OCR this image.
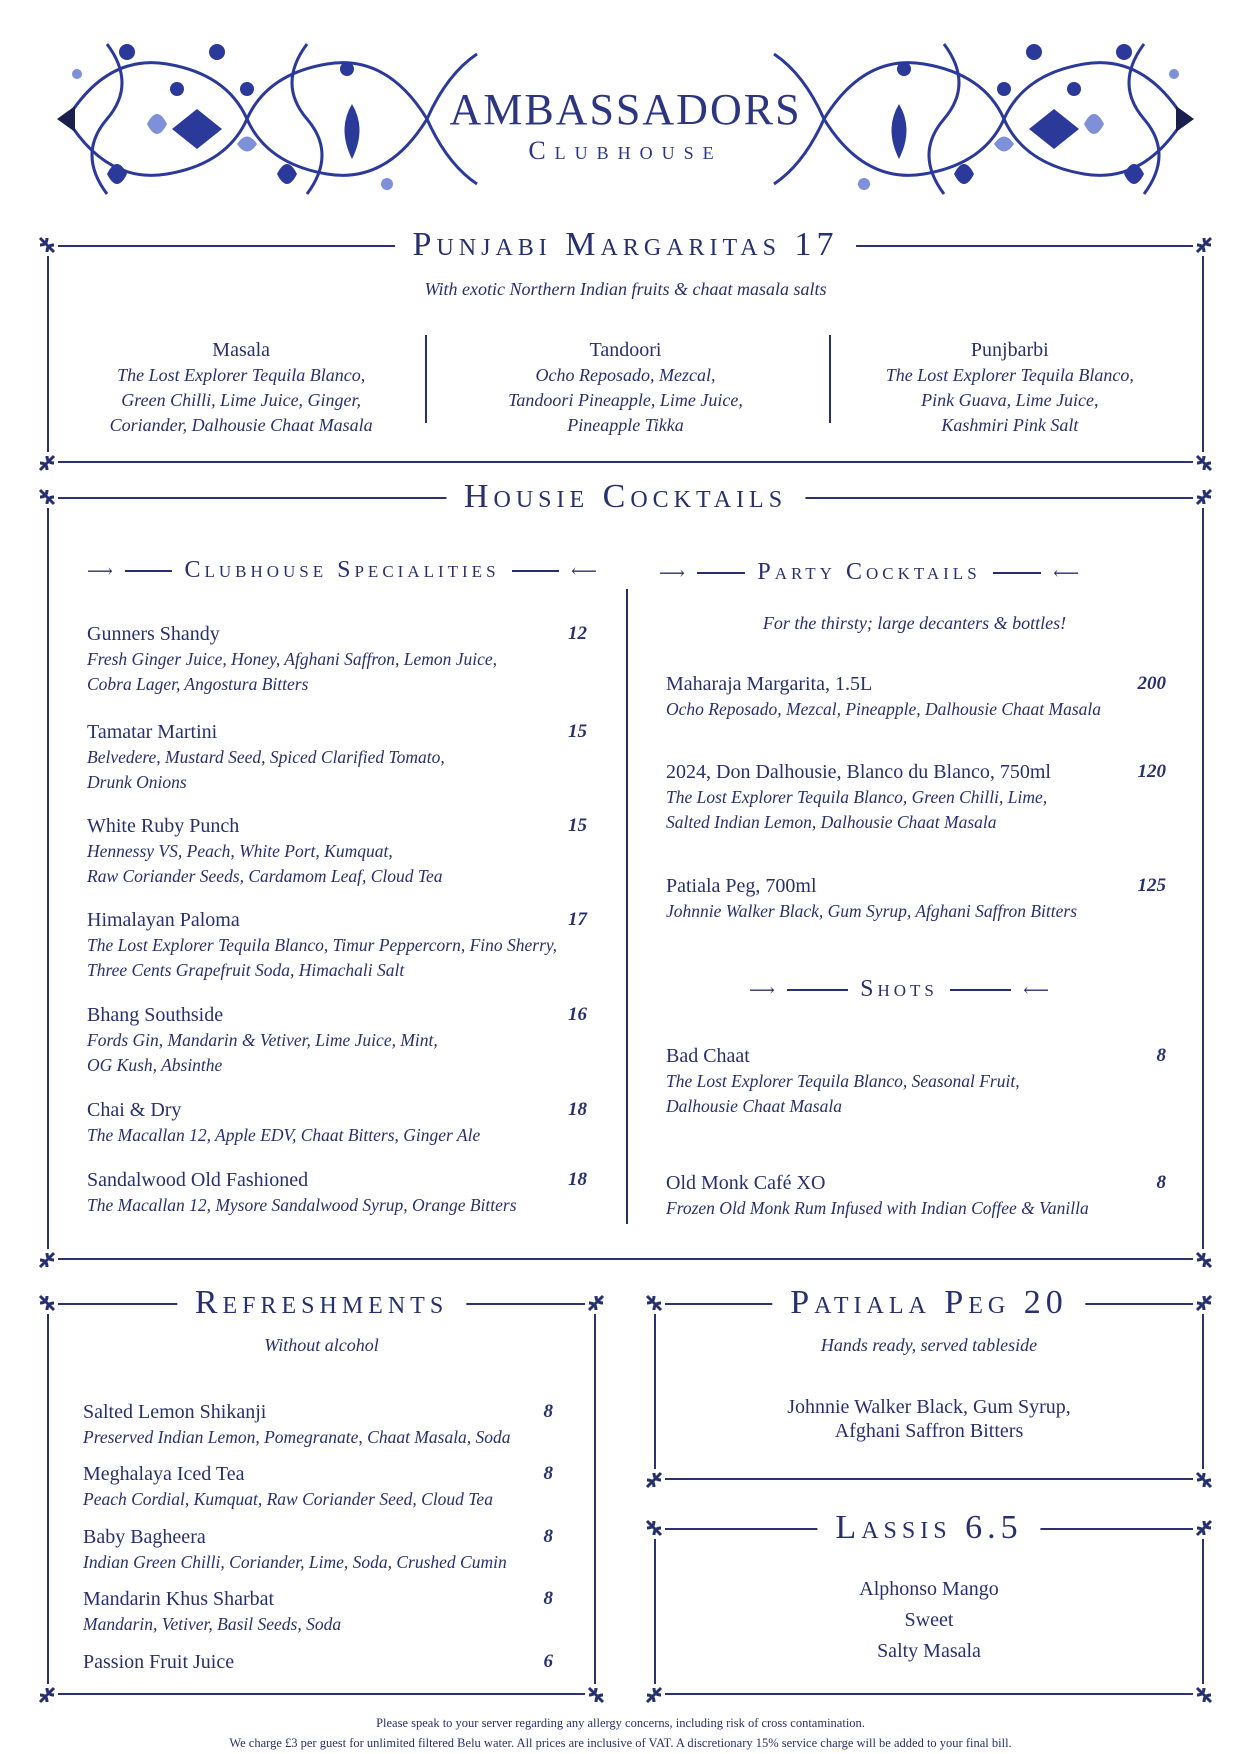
AMBASSADORS
Clubhouse
Punjabi Margaritas 17
With exotic Northern Indian fruits & chaat masala salts
Masala
The Lost Explorer Tequila Blanco,
Green Chilli, Lime Juice, Ginger,
Coriander, Dalhousie Chaat Masala
Tandoori
Ocho Reposado, Mezcal,
Tandoori Pineapple, Lime Juice,
Pineapple Tikka
Punjbarbi
The Lost Explorer Tequila Blanco,
Pink Guava, Lime Juice,
Kashmiri Pink Salt
Housie Cocktails
⟶	Clubhouse Specialities	⟵
Gunners Shandy	12
Fresh Ginger Juice, Honey, Afghani Saffron, Lemon Juice,
Cobra Lager, Angostura Bitters
Tamatar Martini	15
Belvedere, Mustard Seed, Spiced Clarified Tomato,
Drunk Onions
White Ruby Punch	15
Hennessy VS, Peach, White Port, Kumquat,
Raw Coriander Seeds, Cardamom Leaf, Cloud Tea
Himalayan Paloma	17
The Lost Explorer Tequila Blanco, Timur Peppercorn, Fino Sherry,
Three Cents Grapefruit Soda, Himachali Salt
Bhang Southside	16
Fords Gin, Mandarin & Vetiver, Lime Juice, Mint,
OG Kush, Absinthe
Chai & Dry	18
The Macallan 12, Apple EDV, Chaat Bitters, Ginger Ale
Sandalwood Old Fashioned	18
The Macallan 12, Mysore Sandalwood Syrup, Orange Bitters
⟶	Party Cocktails	⟵
For the thirsty; large decanters & bottles!
Maharaja Margarita, 1.5L	200
Ocho Reposado, Mezcal, Pineapple, Dalhousie Chaat Masala
2024, Don Dalhousie, Blanco du Blanco, 750ml	120
The Lost Explorer Tequila Blanco, Green Chilli, Lime,
Salted Indian Lemon, Dalhousie Chaat Masala
Patiala Peg, 700ml	125
Johnnie Walker Black, Gum Syrup, Afghani Saffron Bitters
⟶	Shots	⟵
Bad Chaat	8
The Lost Explorer Tequila Blanco, Seasonal Fruit,
Dalhousie Chaat Masala
Old Monk Café XO	8
Frozen Old Monk Rum Infused with Indian Coffee & Vanilla
Refreshments
Without alcohol
Salted Lemon Shikanji	8
Preserved Indian Lemon, Pomegranate, Chaat Masala, Soda
Meghalaya Iced Tea	8
Peach Cordial, Kumquat, Raw Coriander Seed, Cloud Tea
Baby Bagheera	8
Indian Green Chilli, Coriander, Lime, Soda, Crushed Cumin
Mandarin Khus Sharbat	8
Mandarin, Vetiver, Basil Seeds, Soda
Passion Fruit Juice	6
Patiala Peg 20
Hands ready, served tableside
Johnnie Walker Black, Gum Syrup,
Afghani Saffron Bitters
Lassis 6.5
Alphonso Mango
Sweet
Salty Masala
Please speak to your server regarding any allergy concerns, including risk of cross contamination.
We charge £3 per guest for unlimited filtered Belu water. All prices are inclusive of VAT. A discretionary 15% service charge will be added to your final bill.
